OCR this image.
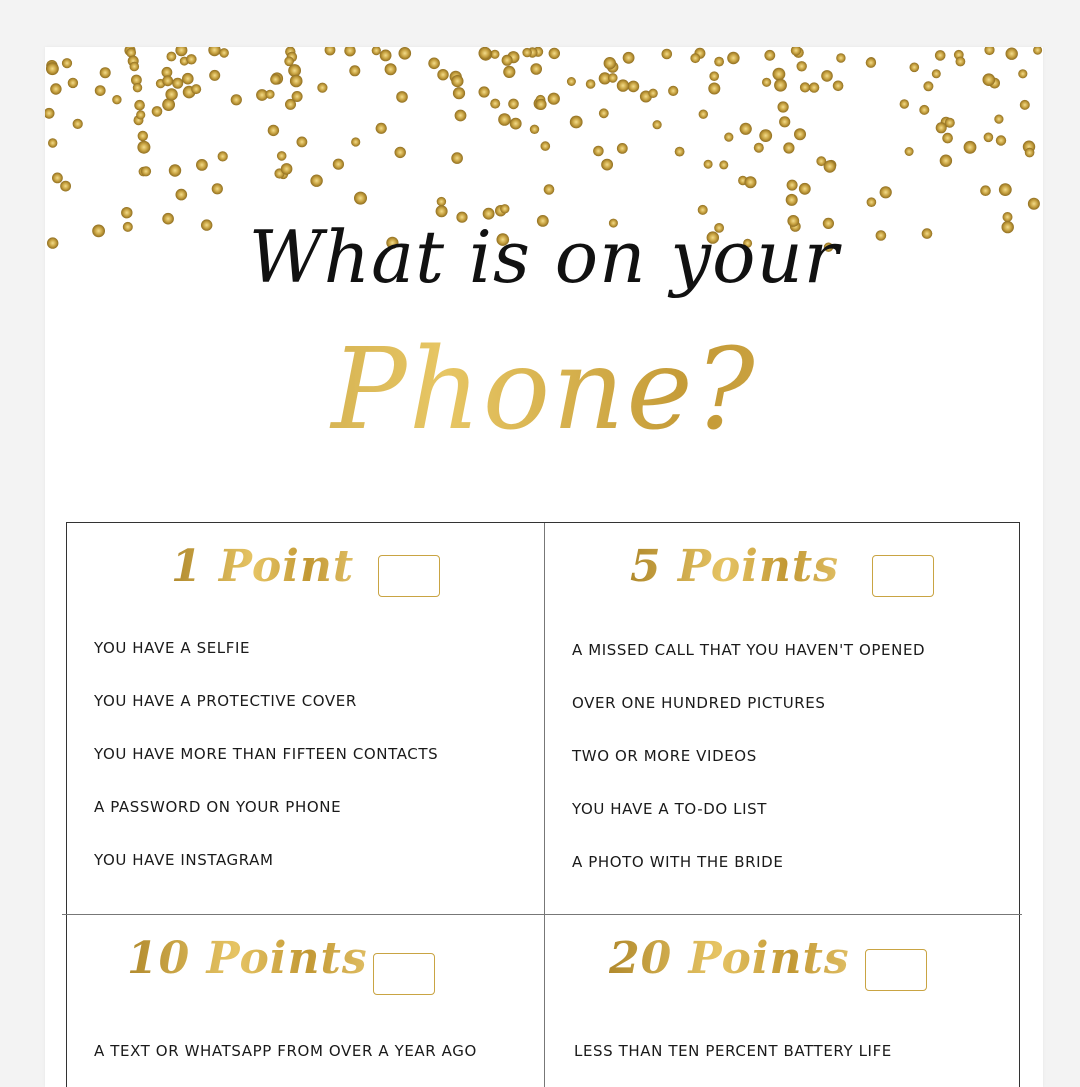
What is on your
Phone?
1 Point
YOU HAVE A SELFIE
YOU HAVE A PROTECTIVE COVER
YOU HAVE MORE THAN FIFTEEN CONTACTS
A PASSWORD ON YOUR PHONE
YOU HAVE INSTAGRAM
5 Points
A MISSED CALL THAT YOU HAVEN'T OPENED
OVER ONE HUNDRED PICTURES
TWO OR MORE VIDEOS
YOU HAVE A TO-DO LIST
A PHOTO WITH THE BRIDE
10 Points
A TEXT OR WHATSAPP FROM OVER A YEAR AGO
20 Points
LESS THAN TEN PERCENT BATTERY LIFE
